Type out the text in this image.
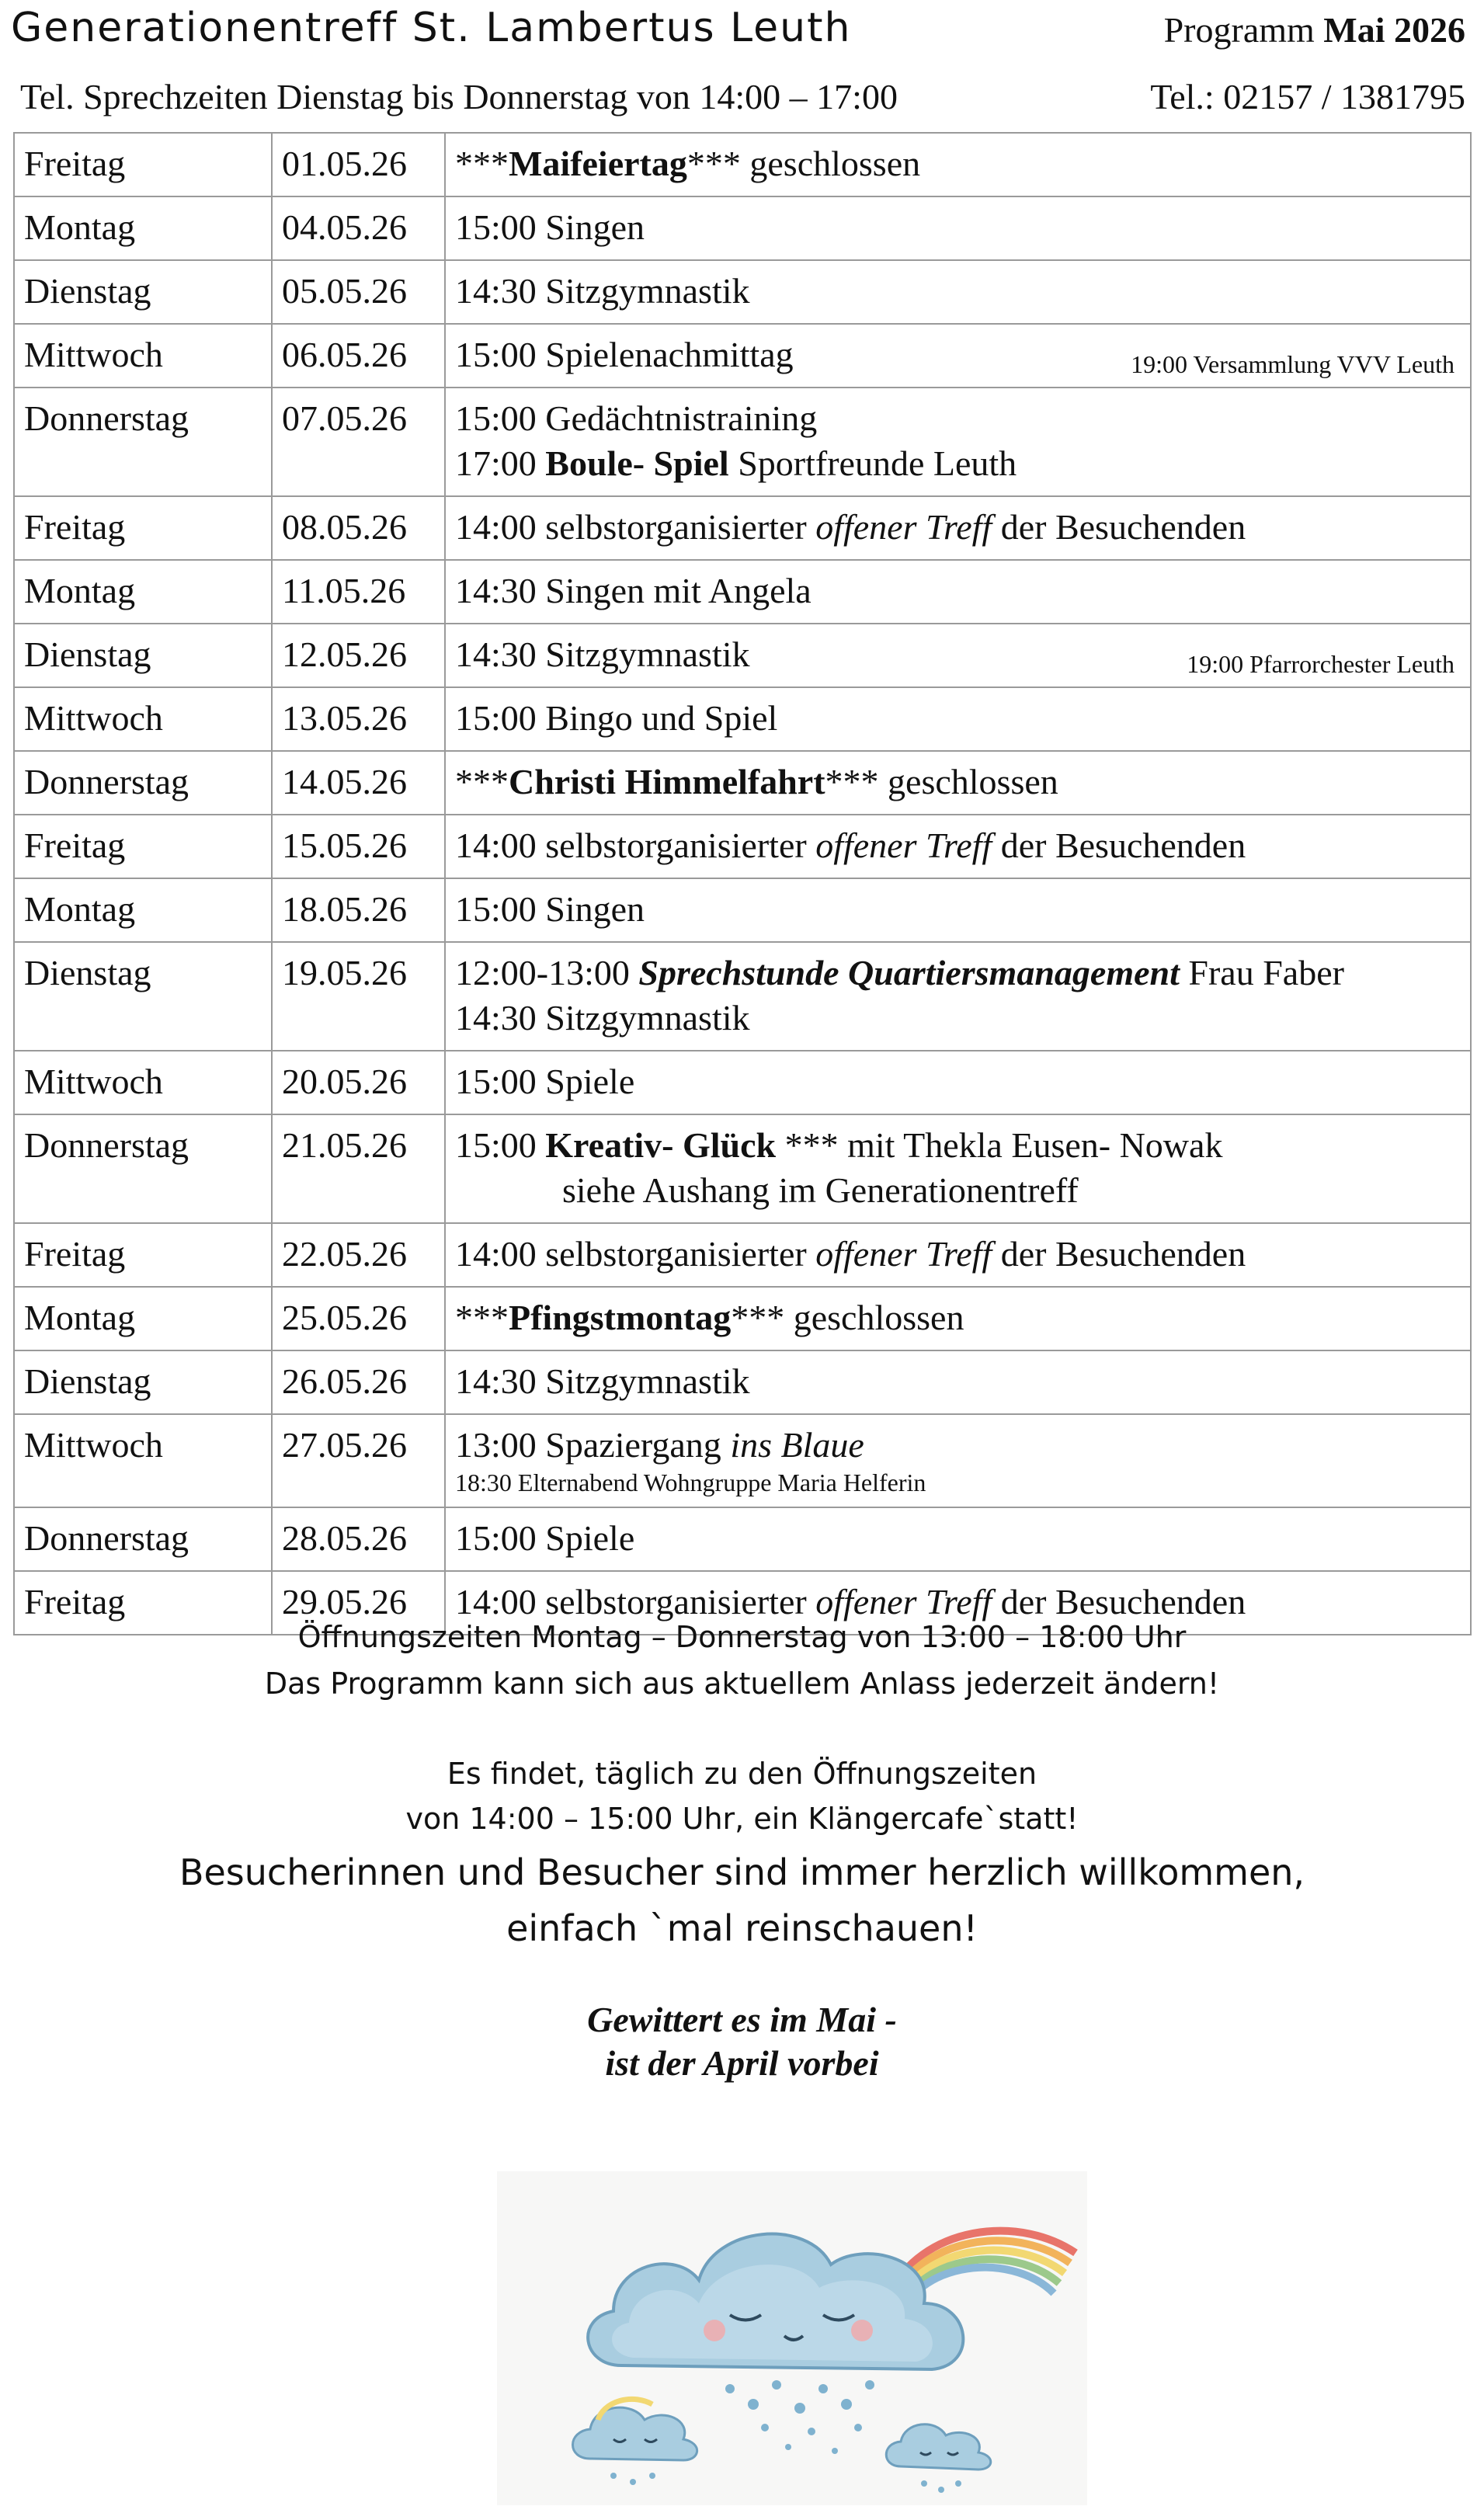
Generationentreff St. Lambertus Leuth	Programm Mai 2026
Tel. Sprechzeiten Dienstag bis Donnerstag von 14:00 – 17:00	Tel.: 02157 / 1381795
Freitag	01.05.26	***Maifeiertag*** geschlossen

Montag	04.05.26	15:00 Singen

Dienstag	05.05.26	14:30 Sitzgymnastik

Mittwoch	06.05.26	15:00 Spielenachmittag 19:00 Versammlung VVV Leuth

Donnerstag	07.05.26	15:00 Gedächtnistraining
17:00 Boule- Spiel Sportfreunde Leuth

Freitag	08.05.26	14:00 selbstorganisierter offener Treff der Besuchenden

Montag	11.05.26	14:30 Singen mit Angela

Dienstag	12.05.26	14:30 Sitzgymnastik 19:00 Pfarrorchester Leuth

Mittwoch	13.05.26	15:00 Bingo und Spiel

Donnerstag	14.05.26	***Christi Himmelfahrt*** geschlossen

Freitag	15.05.26	14:00 selbstorganisierter offener Treff der Besuchenden

Montag	18.05.26	15:00 Singen

Dienstag	19.05.26	12:00-13:00 Sprechstunde Quartiersmanagement Frau Faber
14:30 Sitzgymnastik

Mittwoch	20.05.26	15:00 Spiele

Donnerstag	21.05.26	15:00 Kreativ- Glück *** mit Thekla Eusen- Nowak
siehe Aushang im Generationentreff

Freitag	22.05.26	14:00 selbstorganisierter offener Treff der Besuchenden

Montag	25.05.26	***Pfingstmontag*** geschlossen

Dienstag	26.05.26	14:30 Sitzgymnastik

Mittwoch	27.05.26	13:00 Spaziergang ins Blaue
18:30 Elternabend Wohngruppe Maria Helferin

Donnerstag	28.05.26	15:00 Spiele

Freitag	29.05.26	14:00 selbstorganisierter offener Treff der Besuchenden
Öffnungszeiten Montag – Donnerstag von 13:00 – 18:00 Uhr
Das Programm kann sich aus aktuellem Anlass jederzeit ändern!
Es findet, täglich zu den Öffnungszeiten
von 14:00 – 15:00 Uhr, ein Klängercafe`statt!
Besucherinnen und Besucher sind immer herzlich willkommen,
einfach `mal reinschauen!
Gewittert es im Mai -
ist der April vorbei
